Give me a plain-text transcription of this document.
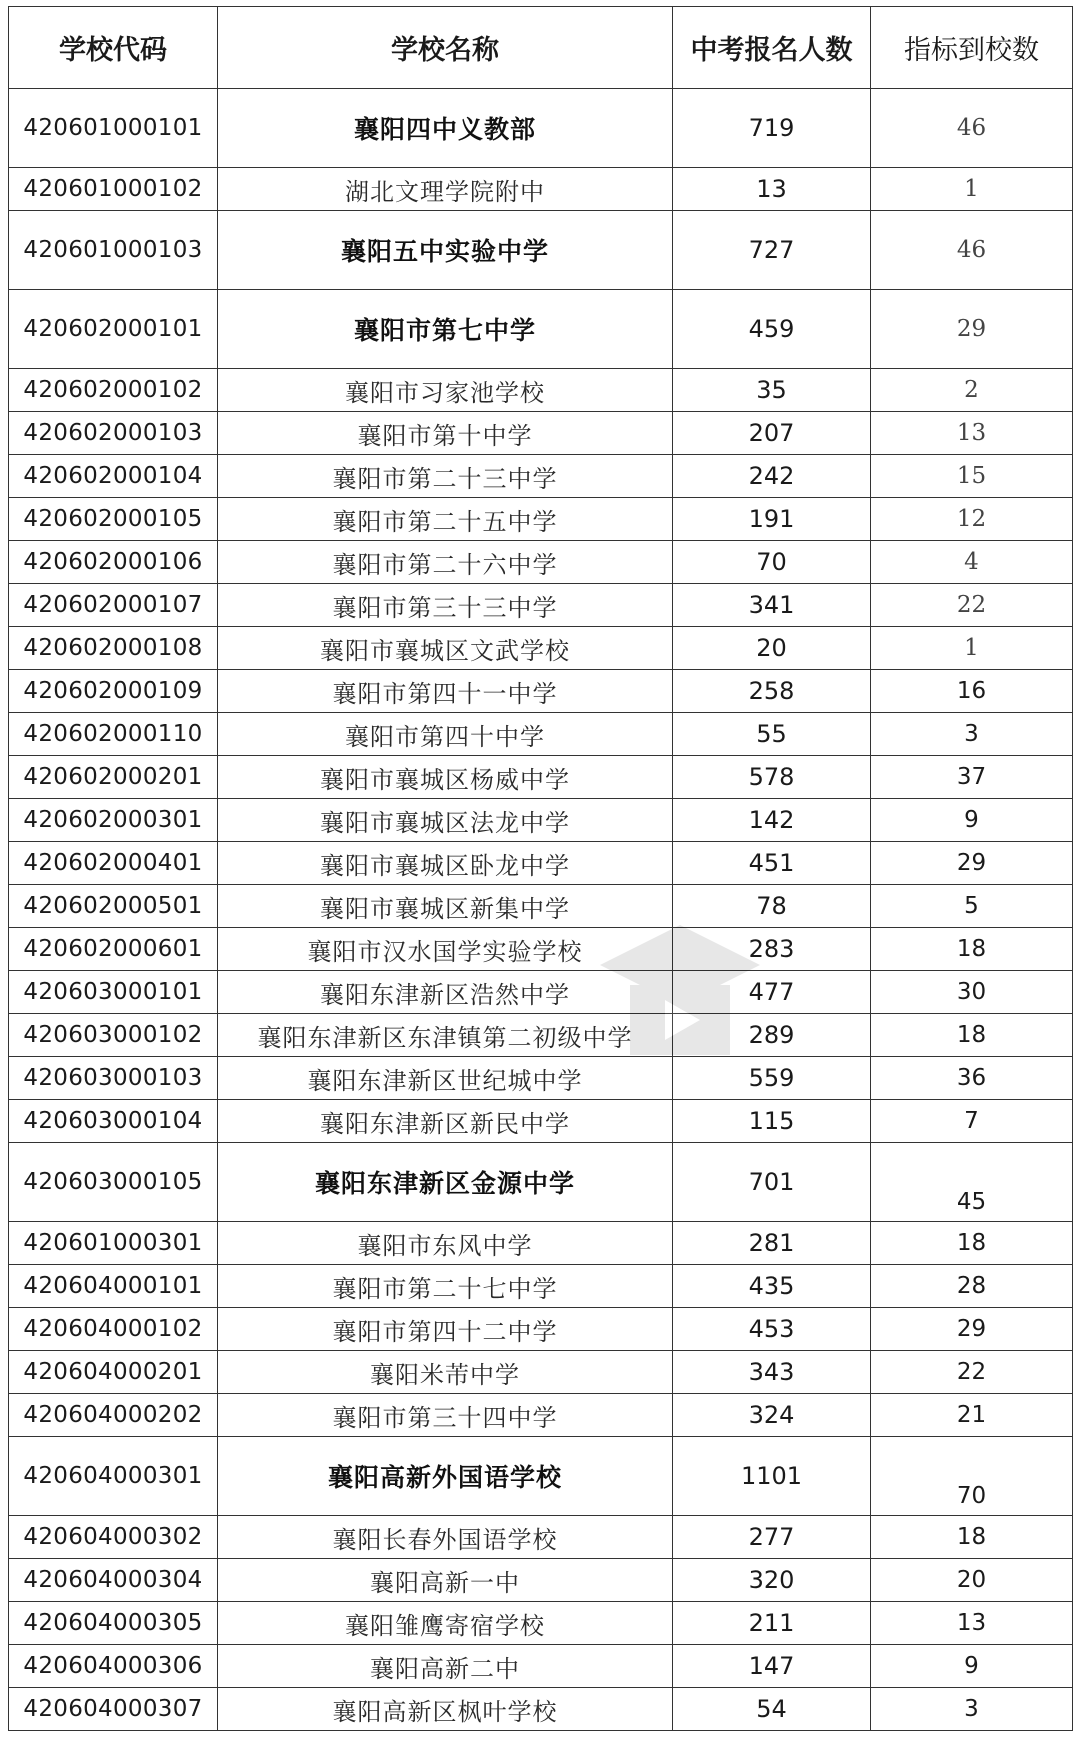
学校代码	学校名称	中考报名人数	指标到校数
420601000101	襄阳四中义教部	719	46
420601000102	湖北文理学院附中	13	1
420601000103	襄阳五中实验中学	727	46
420602000101	襄阳市第七中学	459	29
420602000102	襄阳市习家池学校	35	2
420602000103	襄阳市第十中学	207	13
420602000104	襄阳市第二十三中学	242	15
420602000105	襄阳市第二十五中学	191	12
420602000106	襄阳市第二十六中学	70	4
420602000107	襄阳市第三十三中学	341	22
420602000108	襄阳市襄城区文武学校	20	1
420602000109	襄阳市第四十一中学	258	16
420602000110	襄阳市第四十中学	55	3
420602000201	襄阳市襄城区杨威中学	578	37
420602000301	襄阳市襄城区法龙中学	142	9
420602000401	襄阳市襄城区卧龙中学	451	29
420602000501	襄阳市襄城区新集中学	78	5
420602000601	襄阳市汉水国学实验学校	283	18
420603000101	襄阳东津新区浩然中学	477	30
420603000102	襄阳东津新区东津镇第二初级中学	289	18
420603000103	襄阳东津新区世纪城中学	559	36
420603000104	襄阳东津新区新民中学	115	7
420603000105	襄阳东津新区金源中学	701	45
420601000301	襄阳市东风中学	281	18
420604000101	襄阳市第二十七中学	435	28
420604000102	襄阳市第四十二中学	453	29
420604000201	襄阳米芾中学	343	22
420604000202	襄阳市第三十四中学	324	21
420604000301	襄阳高新外国语学校	1101	70
420604000302	襄阳长春外国语学校	277	18
420604000304	襄阳高新一中	320	20
420604000305	襄阳雏鹰寄宿学校	211	13
420604000306	襄阳高新二中	147	9
420604000307	襄阳高新区枫叶学校	54	3
